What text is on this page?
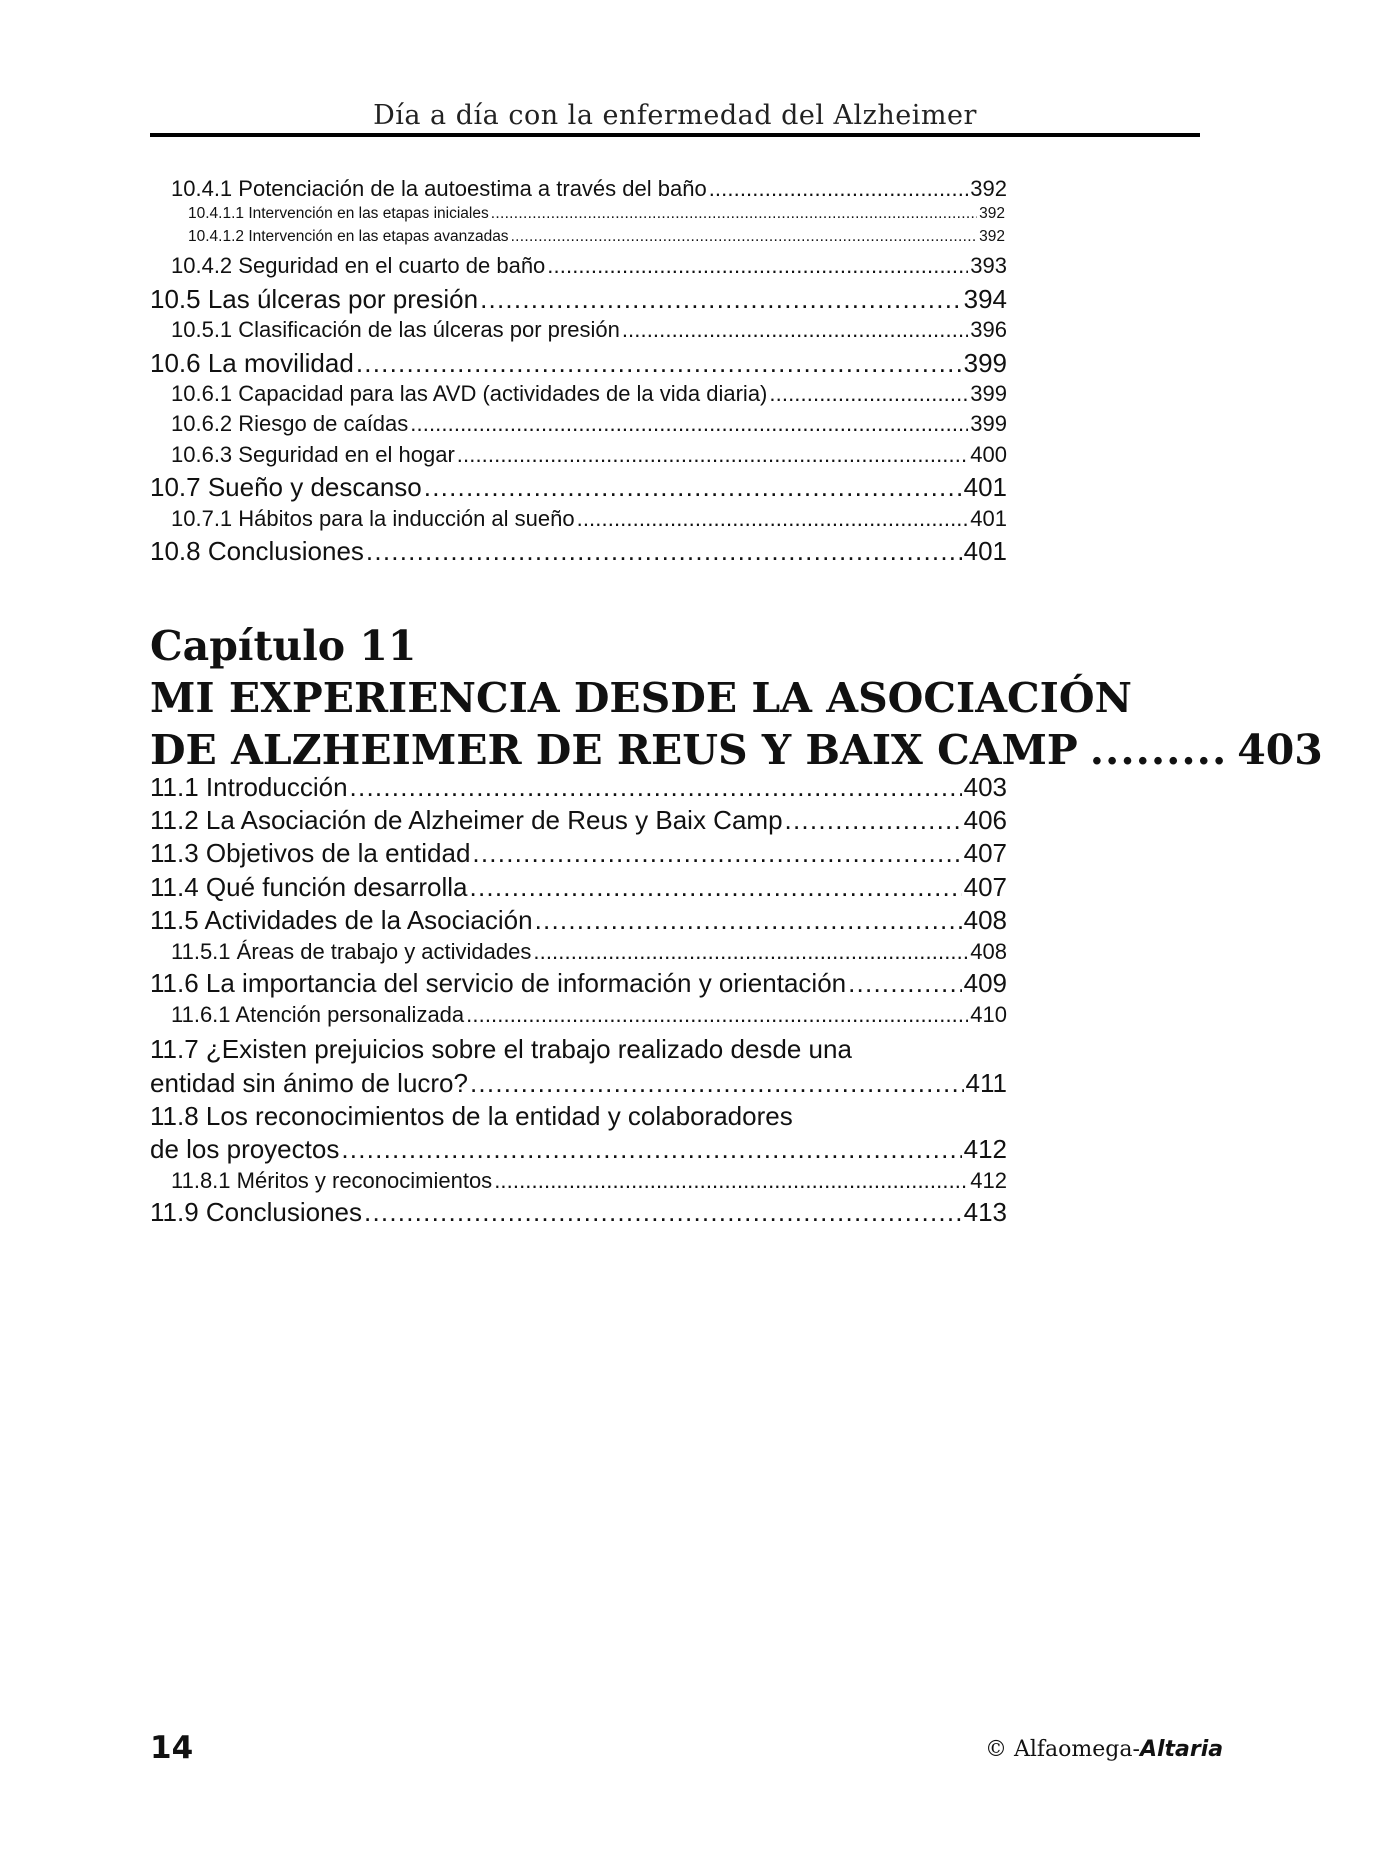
Día a día con la enfermedad del Alzheimer
10.4.1 Potenciación de la autoestima a través del baño . . .	392
10.4.1.1 Intervención en las etapas iniciales . . .	392
10.4.1.2 Intervención en las etapas avanzadas . . .	392
10.4.2 Seguridad en el cuarto de baño . . .	393
10.5 Las úlceras por presión . . .	394
10.5.1 Clasificación de las úlceras por presión . . .	396
10.6 La movilidad . . .	399
10.6.1 Capacidad para las AVD (actividades de la vida diaria) . . .	399
10.6.2 Riesgo de caídas . . .	399
10.6.3 Seguridad en el hogar . . .	400
10.7 Sueño y descanso . . .	401
10.7.1 Hábitos para la inducción al sueño . . .	401
10.8 Conclusiones . . .	401
Capítulo 11
MI EXPERIENCIA DESDE LA ASOCIACIÓN
DE ALZHEIMER DE REUS Y BAIX CAMP ......... 403
11.1 Introducción . . .	403
11.2 La Asociación de Alzheimer de Reus y Baix Camp . . .	406
11.3 Objetivos de la entidad . . .	407
11.4 Qué función desarrolla . . .	407
11.5 Actividades de la Asociación . . .	408
11.5.1 Áreas de trabajo y actividades . . .	408
11.6 La importancia del servicio de información y orientación . . .	409
11.6.1 Atención personalizada . . .	410
11.7 ¿Existen prejuicios sobre el trabajo realizado desde una
entidad sin ánimo de lucro? . . .	411
11.8 Los reconocimientos de la entidad y colaboradores
de los proyectos . . .	412
11.8.1 Méritos y reconocimientos . . .	412
11.9 Conclusiones . . .	413
14	© Alfaomega-Altaria
